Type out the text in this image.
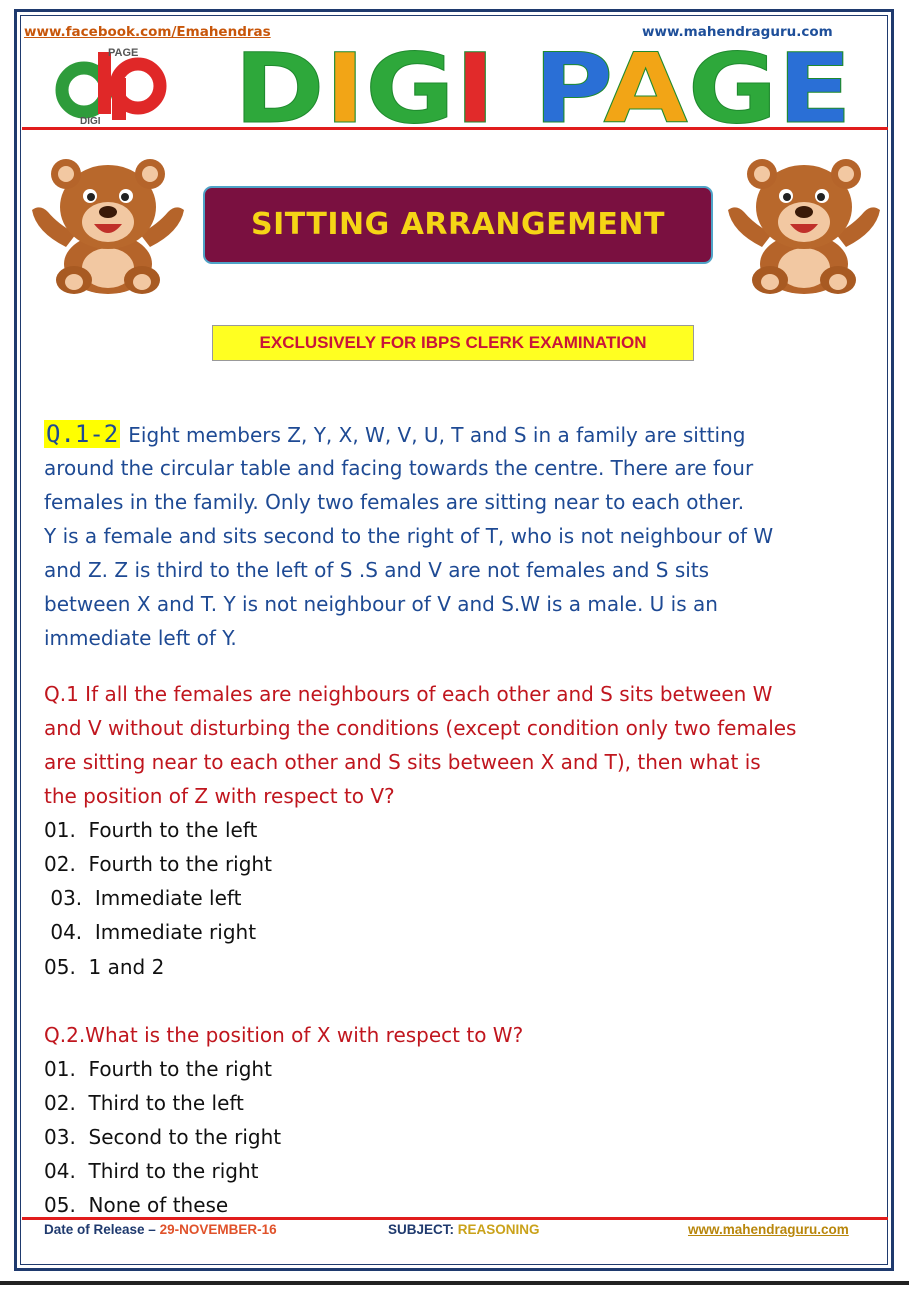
www.facebook.com/Emahendras	www.mahendraguru.com
PAGE
DIGI D IG I PA G E
SITTING ARRANGEMENT
EXCLUSIVELY FOR IBPS CLERK EXAMINATION
Q.1-2 Eight members Z, Y, X, W, V, U, T and S in a family are sitting
around the circular table and facing towards the centre. There are four
females in the family. Only two females are sitting near to each other.
Y is a female and sits second to the right of T, who is not neighbour of W
and Z. Z is third to the left of S .S and V are not females and S sits
between X and T. Y is not neighbour of V and S.W is a male. U is an
immediate left of Y.
Q.1 If all the females are neighbours of each other and S sits between W
and V without disturbing the conditions (except condition only two females
are sitting near to each other and S sits between X and T), then what is
the position of Z with respect to V?
01.  Fourth to the left
02.  Fourth to the right
03.  Immediate left
04.  Immediate right
05.  1 and 2
Q.2.What is the position of X with respect to W?
01.  Fourth to the right
02.  Third to the left
03.  Second to the right
04.  Third to the right
05.  None of these
Date of Release – 29-NOVEMBER-16	SUBJECT: REASONING	www.mahendraguru.com
